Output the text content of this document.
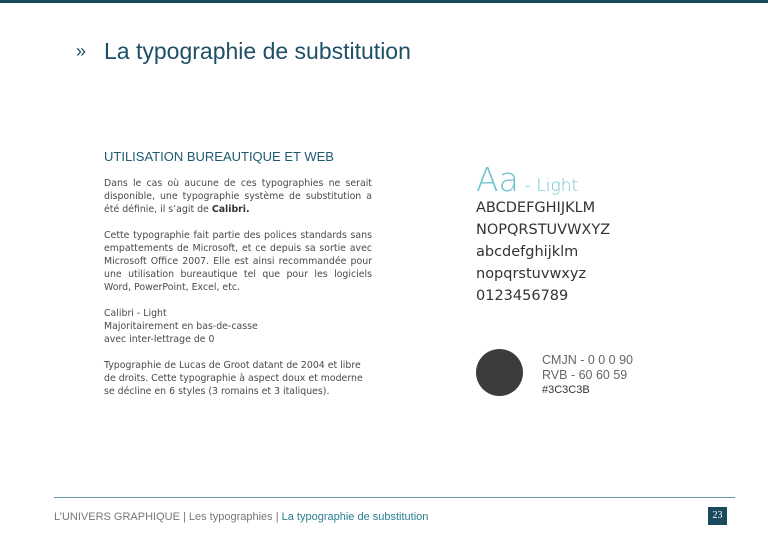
» La typographie de substitution
UTILISATION BUREAUTIQUE ET WEB

Dans le cas où aucune de ces typographies ne serait disponible, une typographie système de substitution a été définie, il s’agit de Calibri.

Cette typographie fait partie des polices standards sans empattements de Microsoft, et ce depuis sa sortie avec Microsoft Office 2007. Elle est ainsi recommandée pour une utilisation bureautique tel que pour les logiciels Word, PowerPoint, Excel, etc.

Calibri - Light
Majoritairement en bas-de-casse
avec inter-lettrage de 0

Typographie de Lucas de Groot datant de 2004 et libre de droits. Cette typographie à aspect doux et moderne se décline en 6 styles (3 romains et 3 italiques).

Aa - Light
ABCDEFGHIJKLM
NOPQRSTUVWXYZ
abcdefghijklm
nopqrstuvwxyz
0123456789
CMJN - 0 0 0 90
RVB - 60 60 59
#3C3C3B
L’UNIVERS GRAPHIQUE | Les typographies | La typographie de substitution	23
